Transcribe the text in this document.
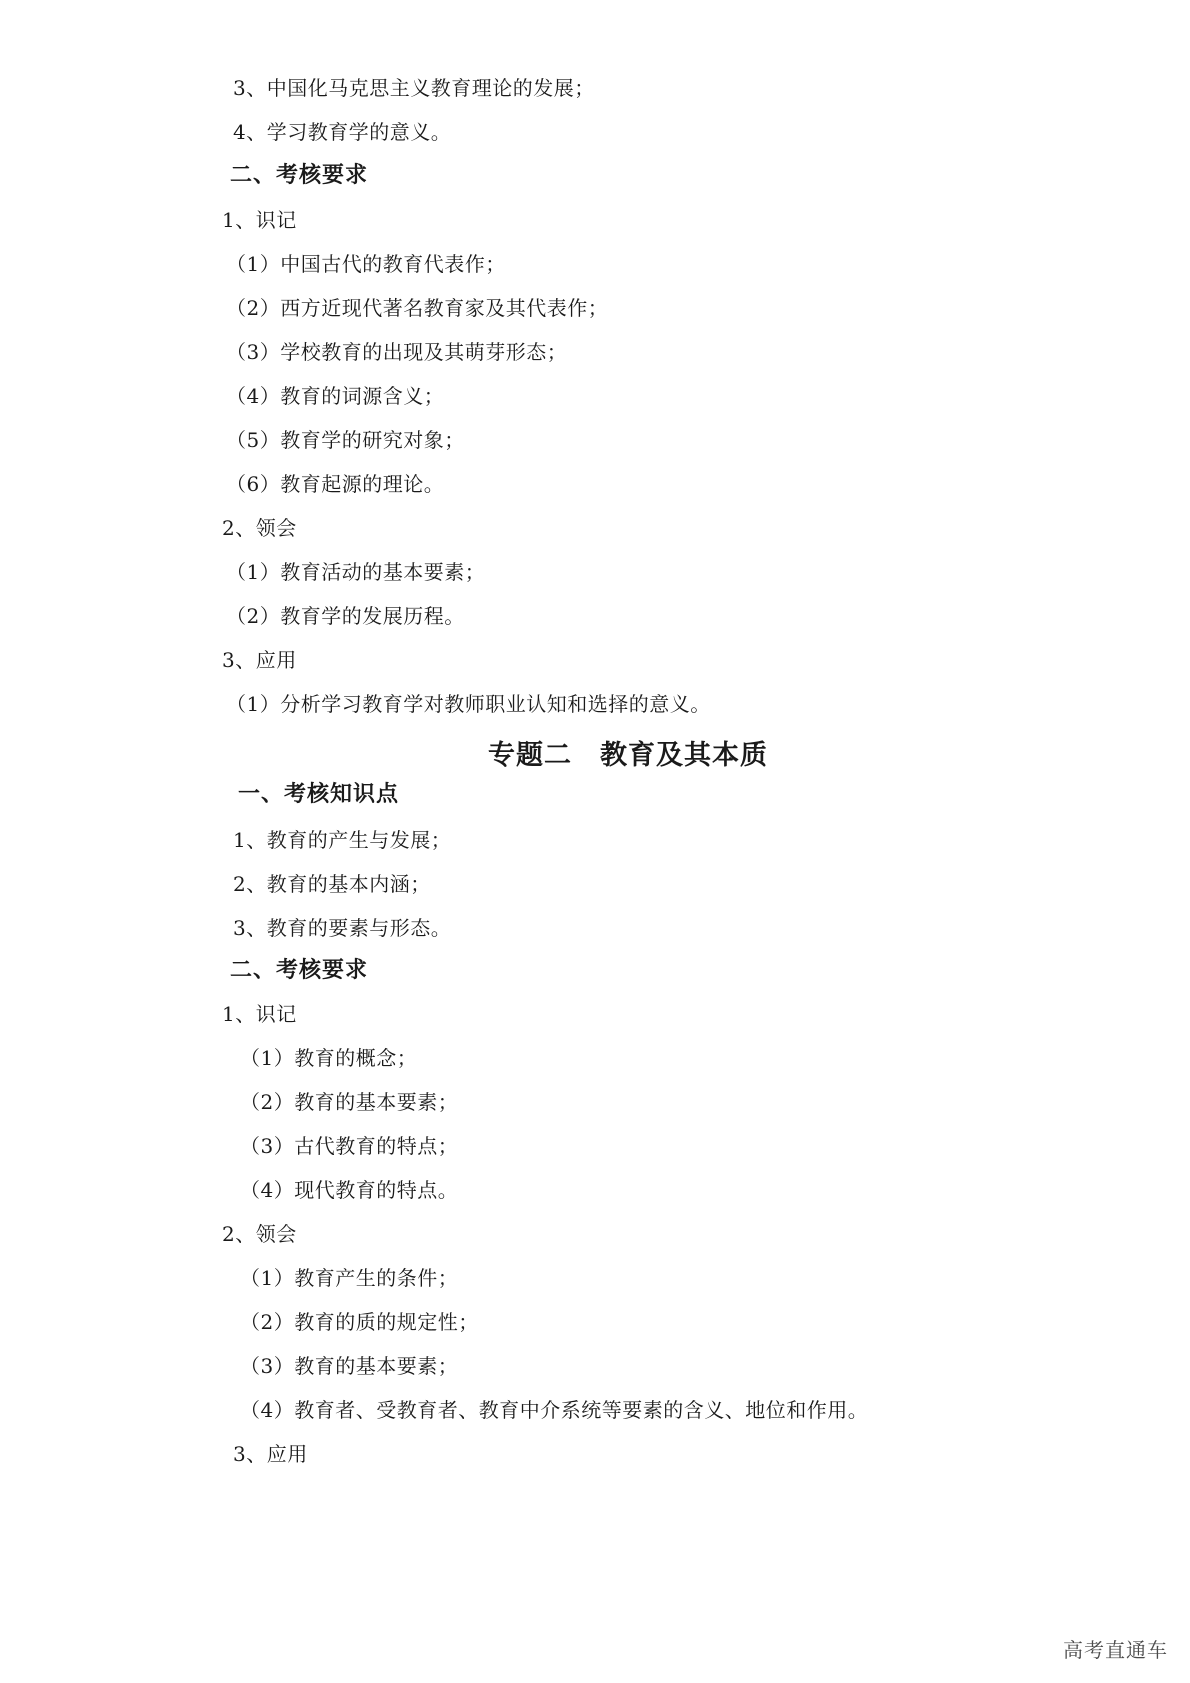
3、中国化马克思主义教育理论的发展；
4、学习教育学的意义。
二、考核要求
1、识记
（1）中国古代的教育代表作；
（2）西方近现代著名教育家及其代表作；
（3）学校教育的出现及其萌芽形态；
（4）教育的词源含义；
（5）教育学的研究对象；
（6）教育起源的理论。
2、领会
（1）教育活动的基本要素；
（2）教育学的发展历程。
3、应用
（1）分析学习教育学对教师职业认知和选择的意义。
专题二　教育及其本质
一、考核知识点
1、教育的产生与发展；
2、教育的基本内涵；
3、教育的要素与形态。
二、考核要求
1、识记
（1）教育的概念；
（2）教育的基本要素；
（3）古代教育的特点；
（4）现代教育的特点。
2、领会
（1）教育产生的条件；
（2）教育的质的规定性；
（3）教育的基本要素；
（4）教育者、受教育者、教育中介系统等要素的含义、地位和作用。
3、应用
高考直通车
